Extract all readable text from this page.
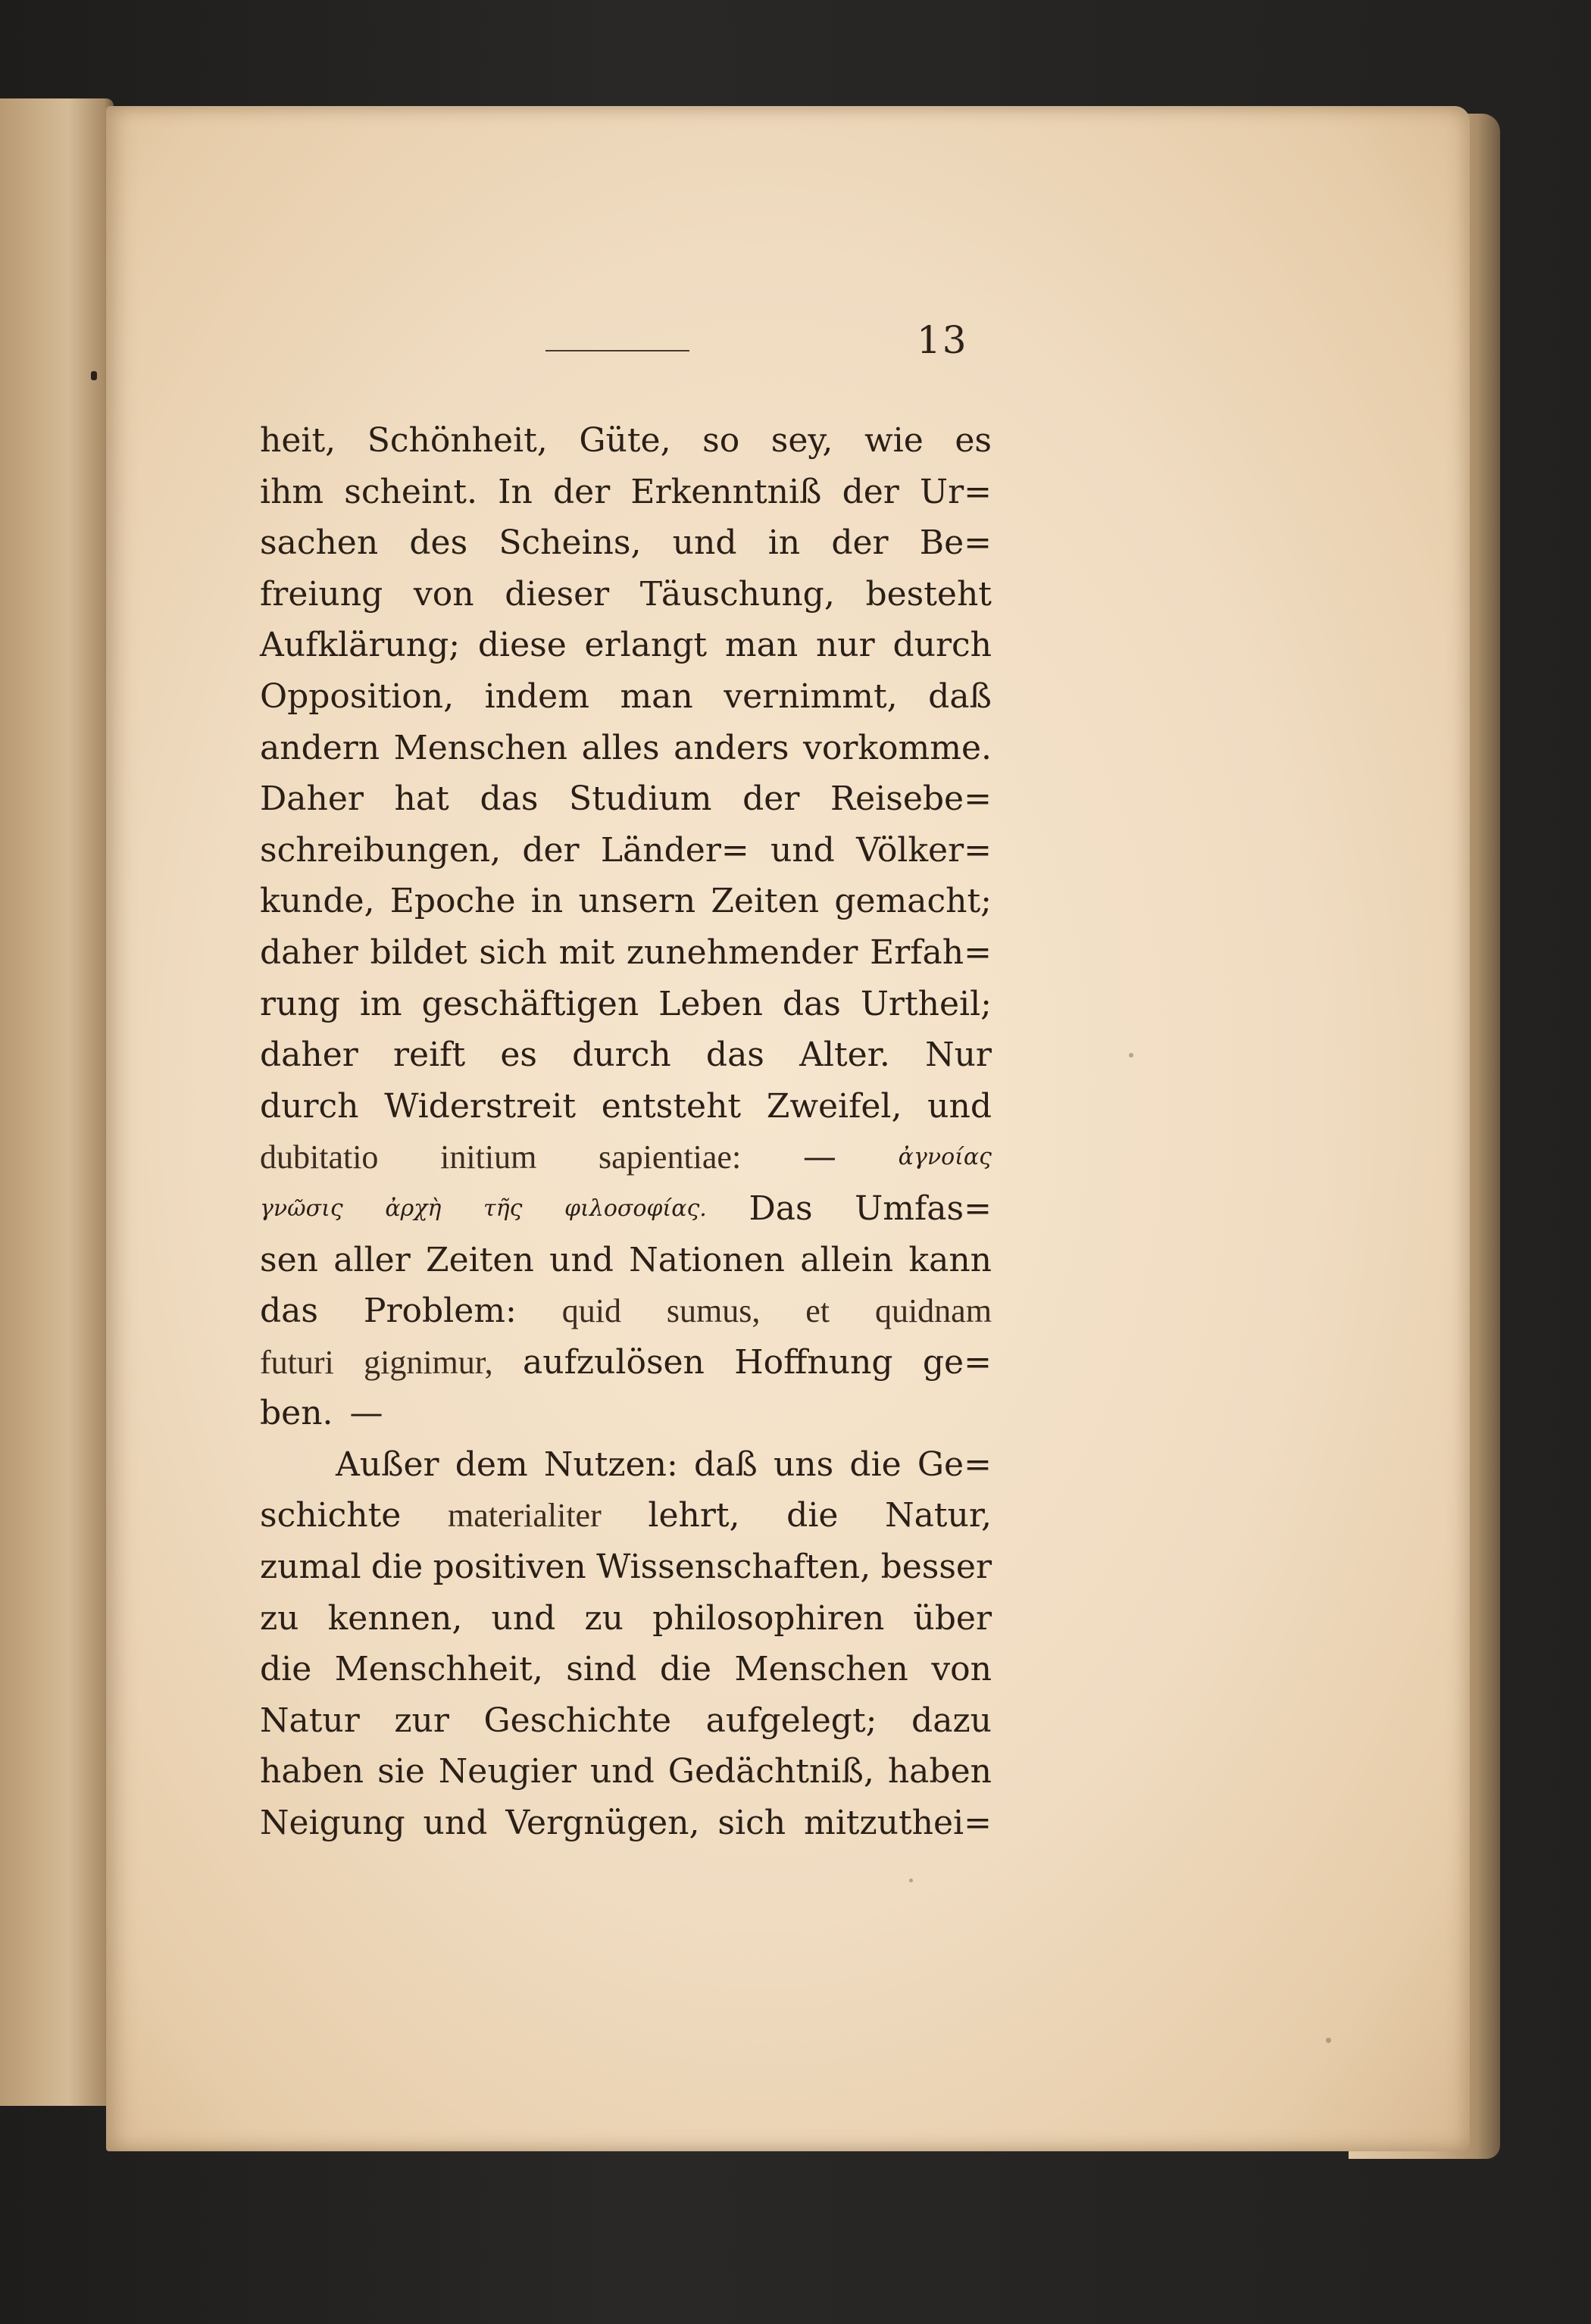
13
heit, Schönheit, Güte, so sey, wie es
ihm scheint. In der Erkenntniß der Ur=
sachen des Scheins, und in der Be=
freiung von dieser Täuschung, besteht
Aufklärung; diese erlangt man nur durch
Opposition, indem man vernimmt, daß
andern Menschen alles anders vorkomme.
Daher hat das Studium der Reisebe=
schreibungen, der Länder= und Völker=
kunde, Epoche in unsern Zeiten gemacht;
daher bildet sich mit zunehmender Erfah=
rung im geschäftigen Leben das Urtheil;
daher reift es durch das Alter. Nur
durch Widerstreit entsteht Zweifel, und
dubitatio initium sapientiae: —	ἀγνοίας
γνῶσις ἀρχὴ τῆς φιλοσοφίας. Das Umfas=
sen aller Zeiten und Nationen allein kann
das Problem: quid sumus, et quidnam
futuri gignimur, aufzulösen Hoffnung ge=
ben. —
Außer dem Nutzen: daß uns die Ge=
schichte materialiter lehrt, die Natur,
zumal die positiven Wissenschaften, besser
zu kennen, und zu philosophiren über
die Menschheit, sind die Menschen von
Natur zur Geschichte aufgelegt; dazu
haben sie Neugier und Gedächtniß, haben
Neigung und Vergnügen, sich mitzuthei=
